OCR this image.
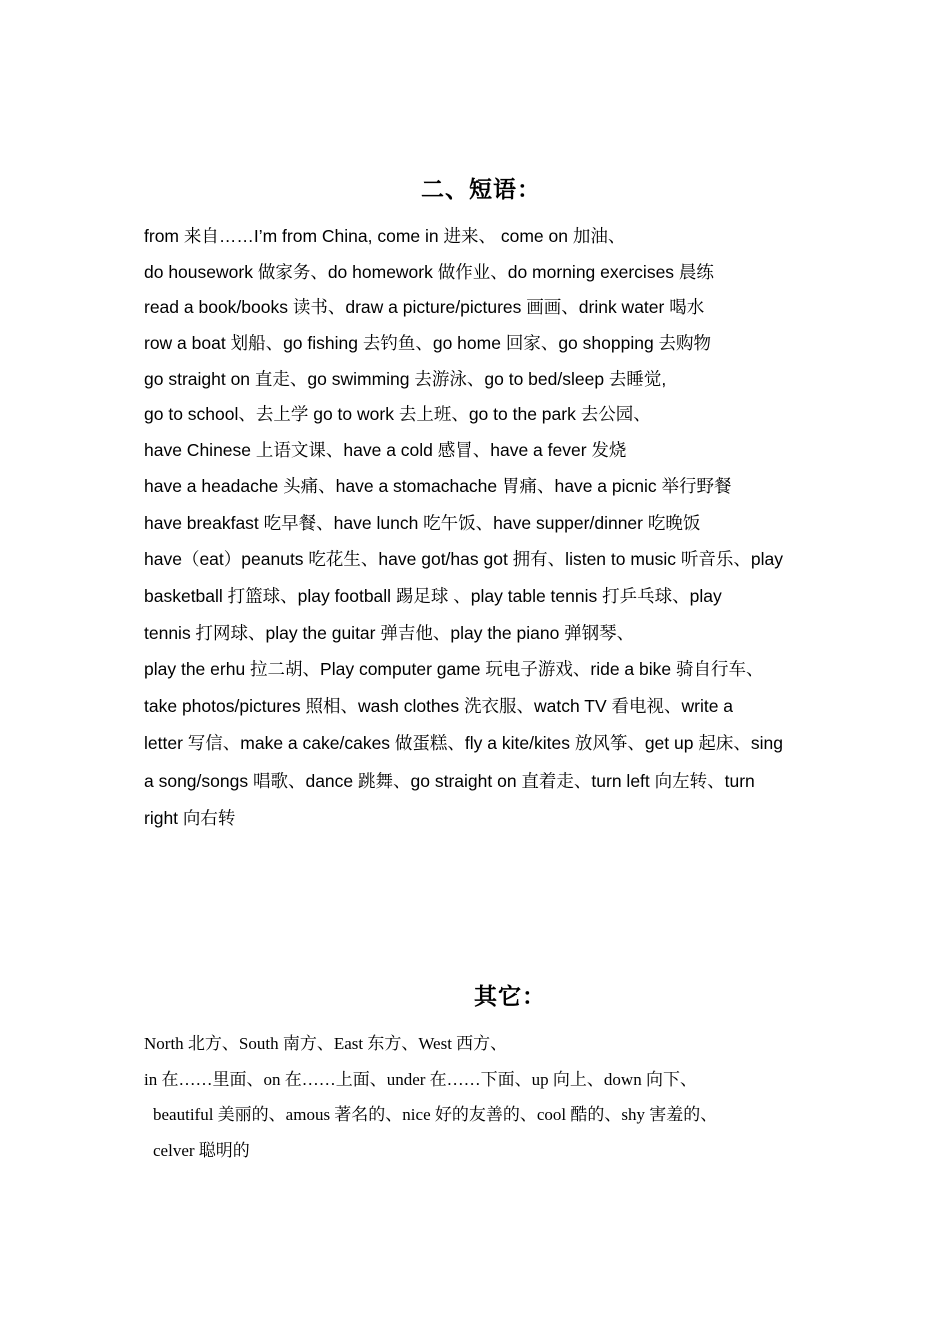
二、短语：
from 来自……I’m from China, come in 进来、 come on 加油、
do housework 做家务、do homework 做作业、do morning exercises 晨练
read a book/books 读书、draw a picture/pictures 画画、drink water 喝水
row a boat 划船、go fishing 去钓鱼、go home 回家、go shopping 去购物
go straight on 直走、go swimming 去游泳、go to bed/sleep 去睡觉,
go to school、去上学 go to work 去上班、go to the park 去公园、
have Chinese 上语文课、have a cold 感冒、have a fever 发烧
have a headache 头痛、have a stomachache 胃痛、have a picnic 举行野餐
have breakfast 吃早餐、have lunch 吃午饭、have supper/dinner 吃晚饭
have（eat）peanuts 吃花生、have got/has got 拥有、listen to music 听音乐、play
basketball 打篮球、play football 踢足球 、play table tennis 打乒乓球、play
tennis 打网球、play the guitar 弹吉他、play the piano 弹钢琴、
play the erhu 拉二胡、Play computer game 玩电子游戏、ride a bike 骑自行车、
take photos/pictures 照相、wash clothes 洗衣服、watch TV 看电视、write a
letter 写信、make a cake/cakes 做蛋糕、fly a kite/kites 放风筝、get up 起床、sing
a song/songs 唱歌、dance 跳舞、go straight on 直着走、turn left 向左转、turn
right 向右转
其它：
North 北方、South 南方、East 东方、West 西方、
in 在……里面、on 在……上面、under 在……下面、up 向上、down 向下、
beautiful 美丽的、amous 著名的、nice 好的友善的、cool 酷的、shy 害羞的、
celver 聪明的
